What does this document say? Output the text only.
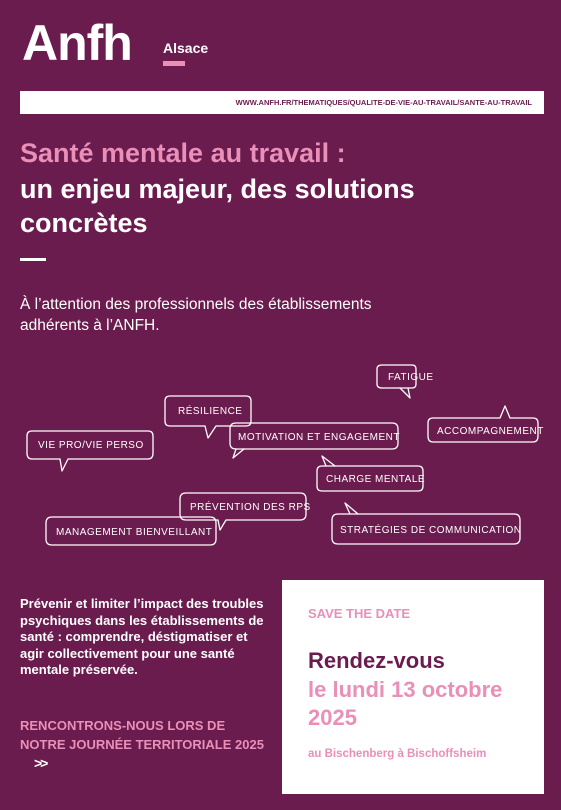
Anfh Alsace
WWW.ANFH.FR/THEMATIQUES/QUALITE-DE-VIE-AU-TRAVAIL/SANTE-AU-TRAVAIL
Santé mentale au travail :
un enjeu majeur, des solutions concrètes
À l’attention des professionnels des établissements adhérents à l’ANFH.
FATIGUE
RÉSILIENCE
ACCOMPAGNEMENT
VIE PRO/VIE PERSO
MOTIVATION ET ENGAGEMENT
CHARGE MENTALE
PRÉVENTION DES RPS
MANAGEMENT BIENVEILLANT	STRATÉGIES DE COMMUNICATION
Prévenir et limiter l’impact des troubles psychiques dans les établissements de santé : comprendre, déstigmatiser et agir collectivement pour une santé mentale préservée.
RENCONTRONS-NOUS LORS DE NOTRE JOURNÉE TERRITORIALE 2025 >>
SAVE THE DATE
Rendez-vous
le lundi 13 octobre 2025
au Bischenberg à Bischoffsheim
